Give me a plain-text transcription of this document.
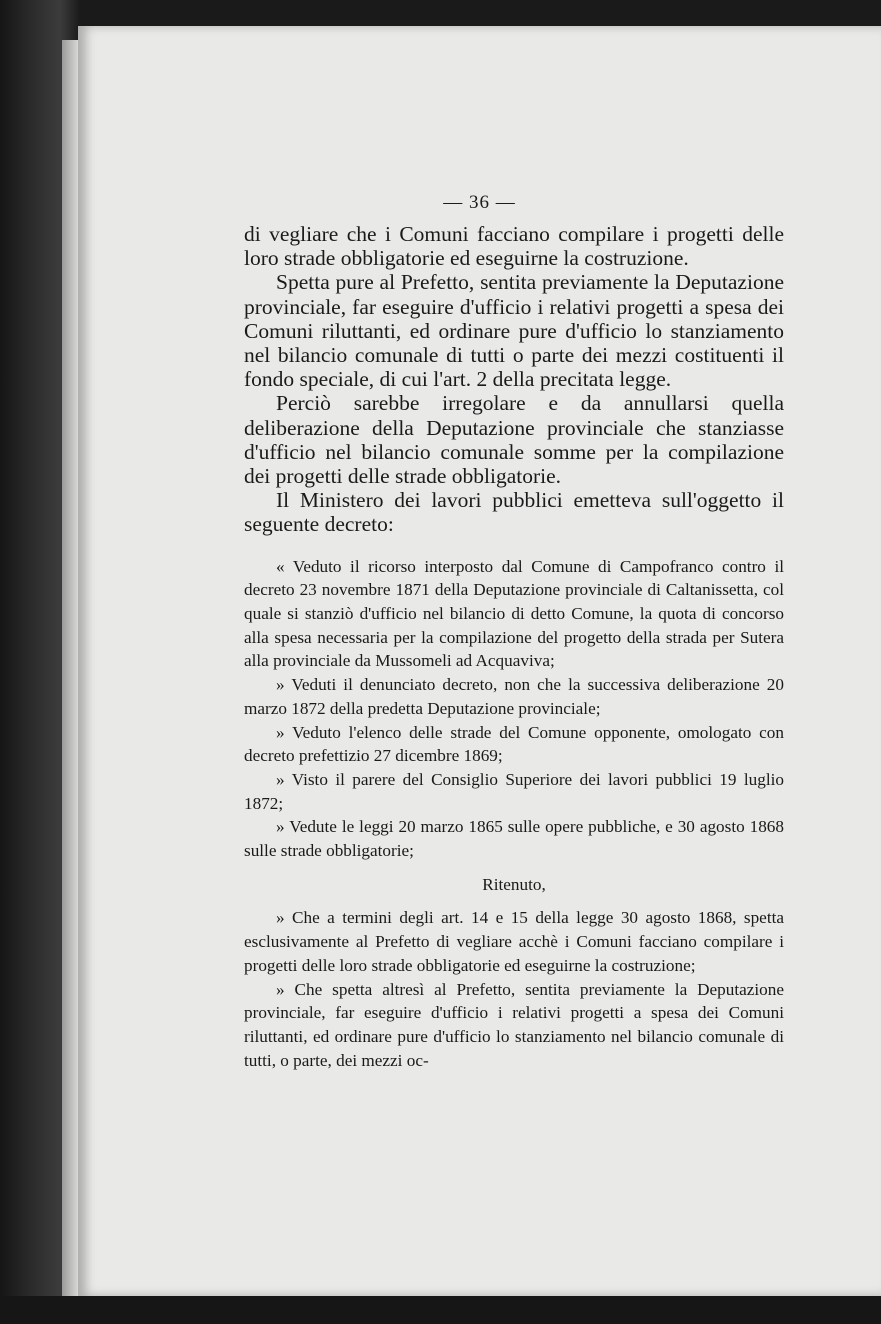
— 36 —

di vegliare che i Comuni facciano compilare i progetti delle loro strade obbligatorie ed eseguirne la costruzione.

Spetta pure al Prefetto, sentita previamente la Deputazione provinciale, far eseguire d'ufficio i relativi progetti a spesa dei Comuni riluttanti, ed ordinare pure d'ufficio lo stanziamento nel bilancio comunale di tutti o parte dei mezzi costituenti il fondo speciale, di cui l'art. 2 della precitata legge.

Perciò sarebbe irregolare e da annullarsi quella deliberazione della Deputazione provinciale che stanziasse d'ufficio nel bilancio comunale somme per la compilazione dei progetti delle strade obbligatorie.

Il Ministero dei lavori pubblici emetteva sull'oggetto il seguente decreto:

« Veduto il ricorso interposto dal Comune di Campofranco contro il decreto 23 novembre 1871 della Deputazione provinciale di Caltanissetta, col quale si stanziò d'ufficio nel bilancio di detto Comune, la quota di concorso alla spesa necessaria per la compilazione del progetto della strada per Sutera alla provinciale da Mussomeli ad Acquaviva;

» Veduti il denunciato decreto, non che la successiva deliberazione 20 marzo 1872 della predetta Deputazione provinciale;

» Veduto l'elenco delle strade del Comune opponente, omologato con decreto prefettizio 27 dicembre 1869;

» Visto il parere del Consiglio Superiore dei lavori pubblici 19 luglio 1872;

» Vedute le leggi 20 marzo 1865 sulle opere pubbliche, e 30 agosto 1868 sulle strade obbligatorie;

Ritenuto,

» Che a termini degli art. 14 e 15 della legge 30 agosto 1868, spetta esclusivamente al Prefetto di vegliare acchè i Comuni facciano compilare i progetti delle loro strade obbligatorie ed eseguirne la costruzione;

» Che spetta altresì al Prefetto, sentita previamente la Deputazione provinciale, far eseguire d'ufficio i relativi progetti a spesa dei Comuni riluttanti, ed ordinare pure d'ufficio lo stanziamento nel bilancio comunale di tutti, o parte, dei mezzi oc-
